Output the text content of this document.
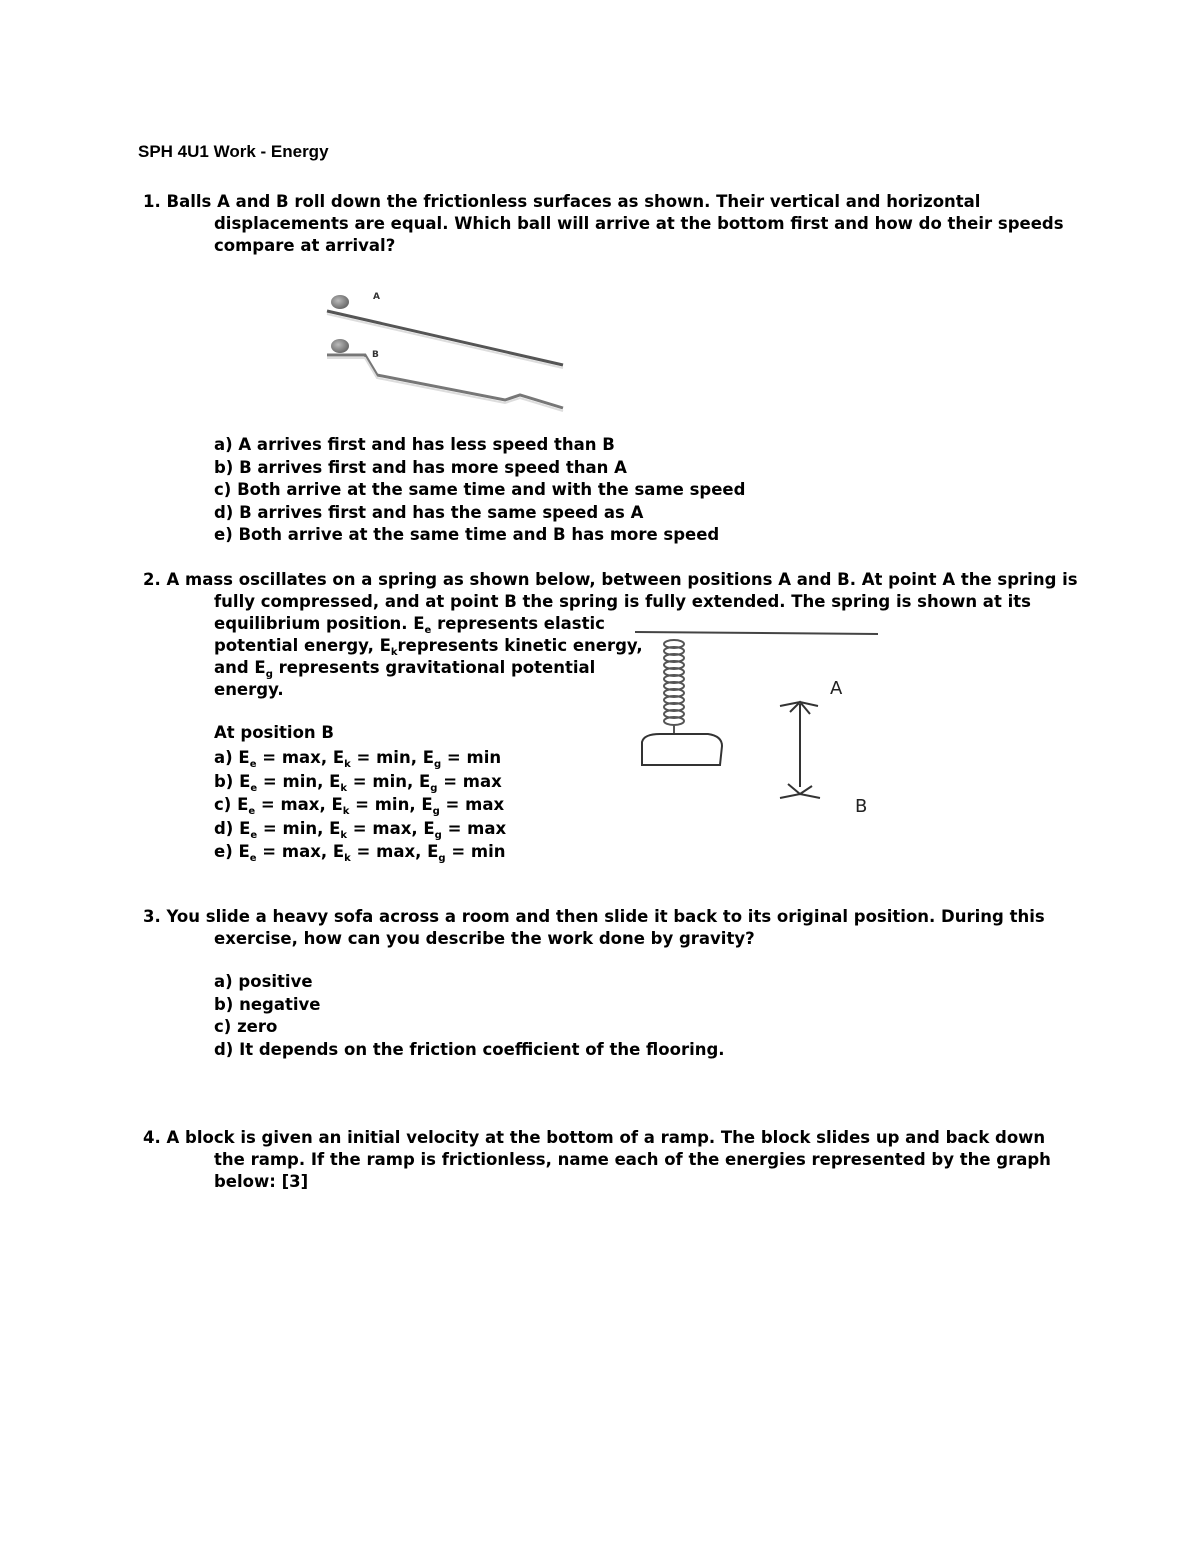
SPH 4U1 Work - Energy
1. Balls A and B roll down the frictionless surfaces as shown. Their vertical and horizontal
displacements are equal. Which ball will arrive at the bottom first and how do their speeds
compare at arrival?
A
B
a) A arrives first and has less speed than B
b) B arrives first and has more speed than A
c) Both arrive at the same time and with the same speed
d) B arrives first and has the same speed as A
e) Both arrive at the same time and B has more speed
2. A mass oscillates on a spring as shown below, between positions A and B. At point A the spring is
fully compressed, and at point B the spring is fully extended. The spring is shown at its
equilibrium position. $E_e$ represents elastic
potential energy, $E_krepresents$ kinetic energy,
and $E_g$ represents gravitational potential
energy.
At position B
a) $E_e = \max$, $E_k = \min$, $E_g = \min$
b) $E_e = \min$, $E_k = \min$, $E_g = \max$
c) $E_e = \max$, $E_k = \min$, $E_g = \max$
d) $E_e = \min$, $E_k = \max$, $E_g = \max$
e) $E_e = \max$, $E_k = \max$, $E_g = \min$
A
B
3. You slide a heavy sofa across a room and then slide it back to its original position. During this
exercise, how can you describe the work done by gravity?
a) positive
b) negative
c) zero
d) It depends on the friction coefficient of the flooring.
4. A block is given an initial velocity at the bottom of a ramp. The block slides up and back down
the ramp. If the ramp is frictionless, name each of the energies represented by the graph
below: [3]
